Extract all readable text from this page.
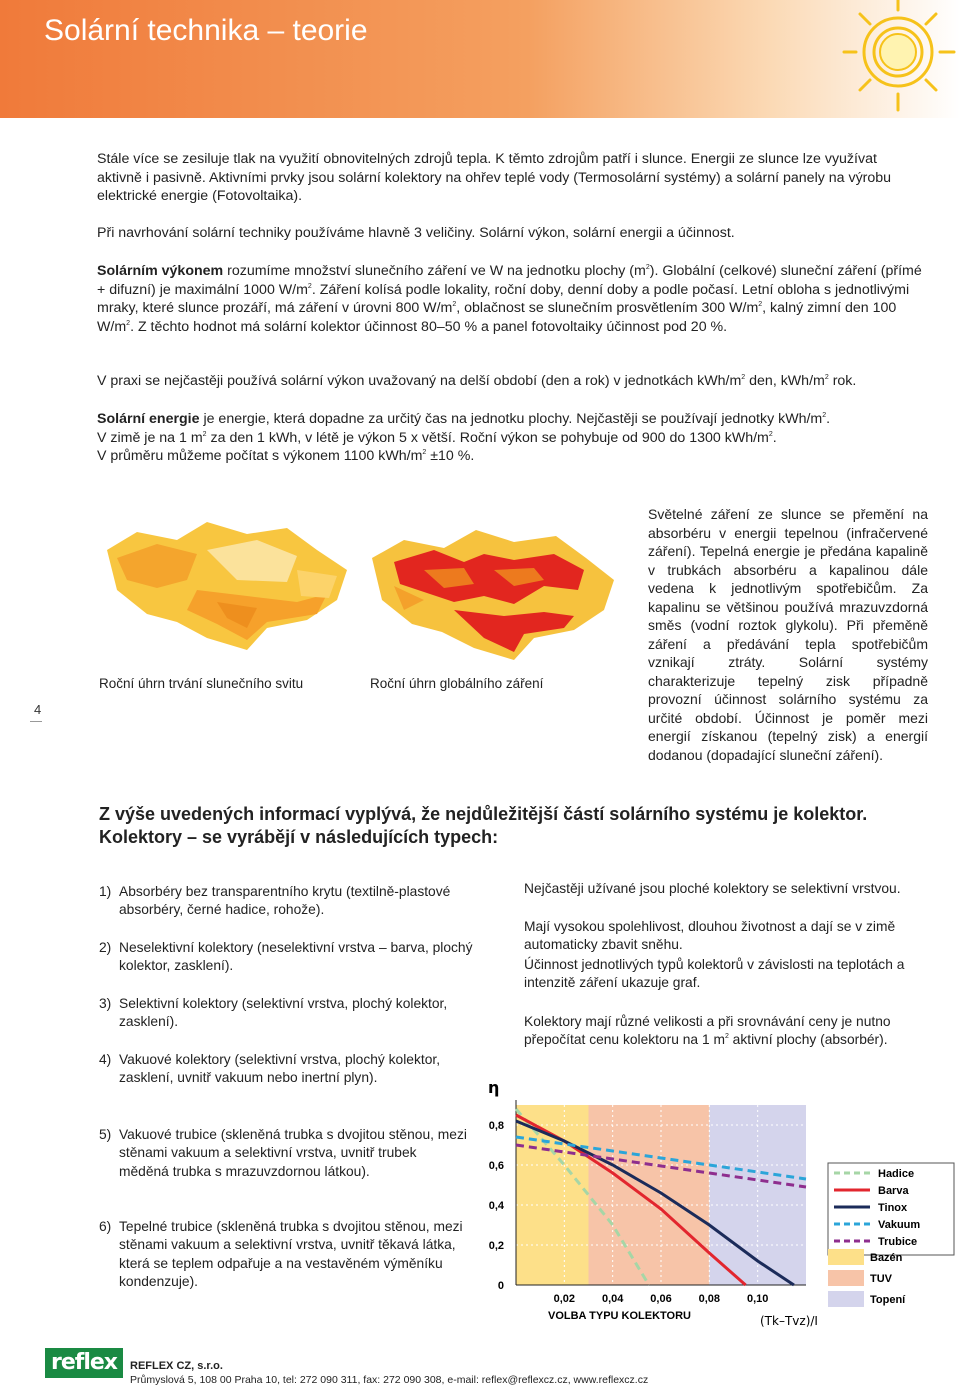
Solární technika – teorie

Stále více se zesiluje tlak na využití obnovitelných zdrojů tepla. K těmto zdrojům patří i slunce. Energii ze slunce lze využívat aktivně i pasivně. Aktivními prvky jsou solární kolektory na ohřev teplé vody (Termosolární systémy) a solární panely na výrobu elektrické energie (Fotovoltaika).

Při navrhování solární techniky používáme hlavně 3 veličiny. Solární výkon, solární energii a účinnost.

Solárním výkonem rozumíme množství slunečního záření ve W na jednotku plochy $(m^2)$. Globální (celkové) sluneční záření (přímé + difuzní) je maximální 1000 $W/m^2$. Záření kolísá podle lokality, roční doby, denní doby a podle počasí. Letní obloha s jednotlivými mraky, které slunce prozáří, má záření v úrovni 800 $W/m^2$, oblačnost se slunečním prosvětlením 300 $W/m^2$, kalný zimní den 100 $W/m^2$. Z těchto hodnot má solární kolektor účinnost 80–50 % a panel fotovoltaiky účinnost pod 20 %.

V praxi se nejčastěji používá solární výkon uvažovaný na delší období (den a rok) v jednotkách kWh/$m^2$ den, kWh/$m^2$ rok.

Solární energie je energie, která dopadne za určitý čas na jednotku plochy. Nejčastěji se používají jednotky kWh/$m^2$.
V zimě je na 1 $m^2$ za den 1 kWh, v létě je výkon 5 x větší. Roční výkon se pohybuje od 900 do 1300 kWh/$m^2$.
V průměru můžeme počítat s výkonem 1100 kWh/$m^2 \pm 10$ %.

Roční úhrn trvání slunečního svitu	Roční úhrn globálního záření
Světelné záření ze slunce se přemění na absorbéru v energii tepelnou (infračervené záření). Tepelná energie je předána kapalině v trubkách absorbéru a kapalinou dále vedena k jednotlivým spotřebičům. Za kapalinu se většinou používá mrazuvzdorná směs (vodní roztok glykolu). Při přeměně záření a předávání tepla spotřebičům vznikají ztráty. Solární systémy charakterizuje tepelný zisk případně provozní účinnost solárního systému za určité období. Účinnost je poměr mezi energií získanou (tepelný zisk) a energií dodanou (dopadající sluneční záření).
4
Z výše uvedených informací vyplývá, že nejdůležitější částí solárního systému je kolektor.
Kolektory – se vyrábějí v následujících typech:
1) Absorbéry bez transparentního krytu (textilně-plastové absorbéry, černé hadice, rohože).
2) Neselektivní kolektory (neselektivní vrstva – barva, plochý kolektor, zasklení).
3) Selektivní kolektory (selektivní vrstva, plochý kolektor, zasklení).
4) Vakuové kolektory (selektivní vrstva, plochý kolektor, zasklení, uvnitř vakuum nebo inertní plyn).
5) Vakuové trubice (skleněná trubka s dvojitou stěnou, mezi stěnami vakuum a selektivní vrstva, uvnitř trubek měděná trubka s mrazuvzdornou látkou).
6) Tepelné trubice (skleněná trubka s dvojitou stěnou, mezi stěnami vakuum a selektivní vrstva, uvnitř těkavá látka, která se teplem odpařuje a na vestavěném výměníku kondenzuje).
Nejčastěji užívané jsou ploché kolektory se selektivní vrstvou.
Mají vysokou spolehlivost, dlouhou životnost a dají se v zimě automaticky zbavit sněhu.
Účinnost jednotlivých typů kolektorů v závislosti na teplotách a intenzitě záření ukazuje graf.
Kolektory mají různé velikosti a při srovnávání ceny je nutno přepočítat cenu kolektoru na 1 $m^2$ aktivní plochy (absorbér).
0
0,2
0,4
0,6
0,8
0,02 0,04 0,06 0,08 0,10
η
VOLBA TYPU KOLEKTORU	(Tk–Tvz)/I
Hadice
Barva
Tinox
Vakuum
Trubice
Bazén
TUV
Topení
reflex	REFLEX CZ, s.r.o.
Průmyslová 5, 108 00 Praha 10, tel: 272 090 311, fax: 272 090 308, e-mail: reflex@reflexcz.cz, www.reflexcz.cz
